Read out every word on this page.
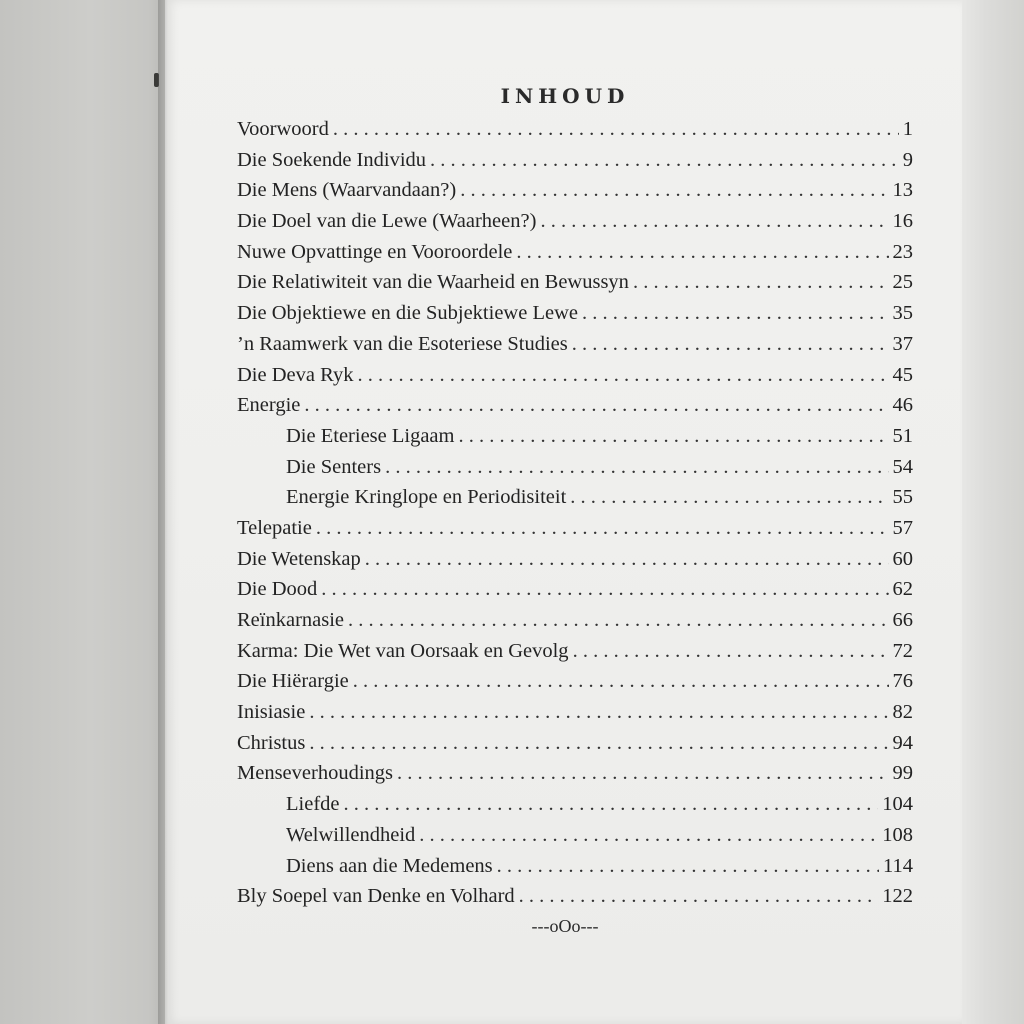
INHOUD
Voorwoord . . .	1
Die Soekende Individu . . .	9
Die Mens (Waarvandaan?) . . .	13
Die Doel van die Lewe (Waarheen?) . . .	16
Nuwe Opvattinge en Vooroordele . . .	23
Die Relatiwiteit van die Waarheid en Bewussyn . . .	25
Die Objektiewe en die Subjektiewe Lewe . . .	35
’n Raamwerk van die Esoteriese Studies . . .	37
Die Deva Ryk . . .	45
Energie . . .	46
Die Eteriese Ligaam . . .	51
Die Senters . . .	54
Energie Kringlope en Periodisiteit . . .	55
Telepatie . . .	57
Die Wetenskap . . .	60
Die Dood . . .	62
Reïnkarnasie . . .	66
Karma: Die Wet van Oorsaak en Gevolg . . .	72
Die Hiërargie . . .	76
Inisiasie . . .	82
Christus . . .	94
Menseverhoudings . . .	99
Liefde . . .	104
Welwillendheid . . .	108
Diens aan die Medemens . . .	114
Bly Soepel van Denke en Volhard . . .	122
---oOo---
